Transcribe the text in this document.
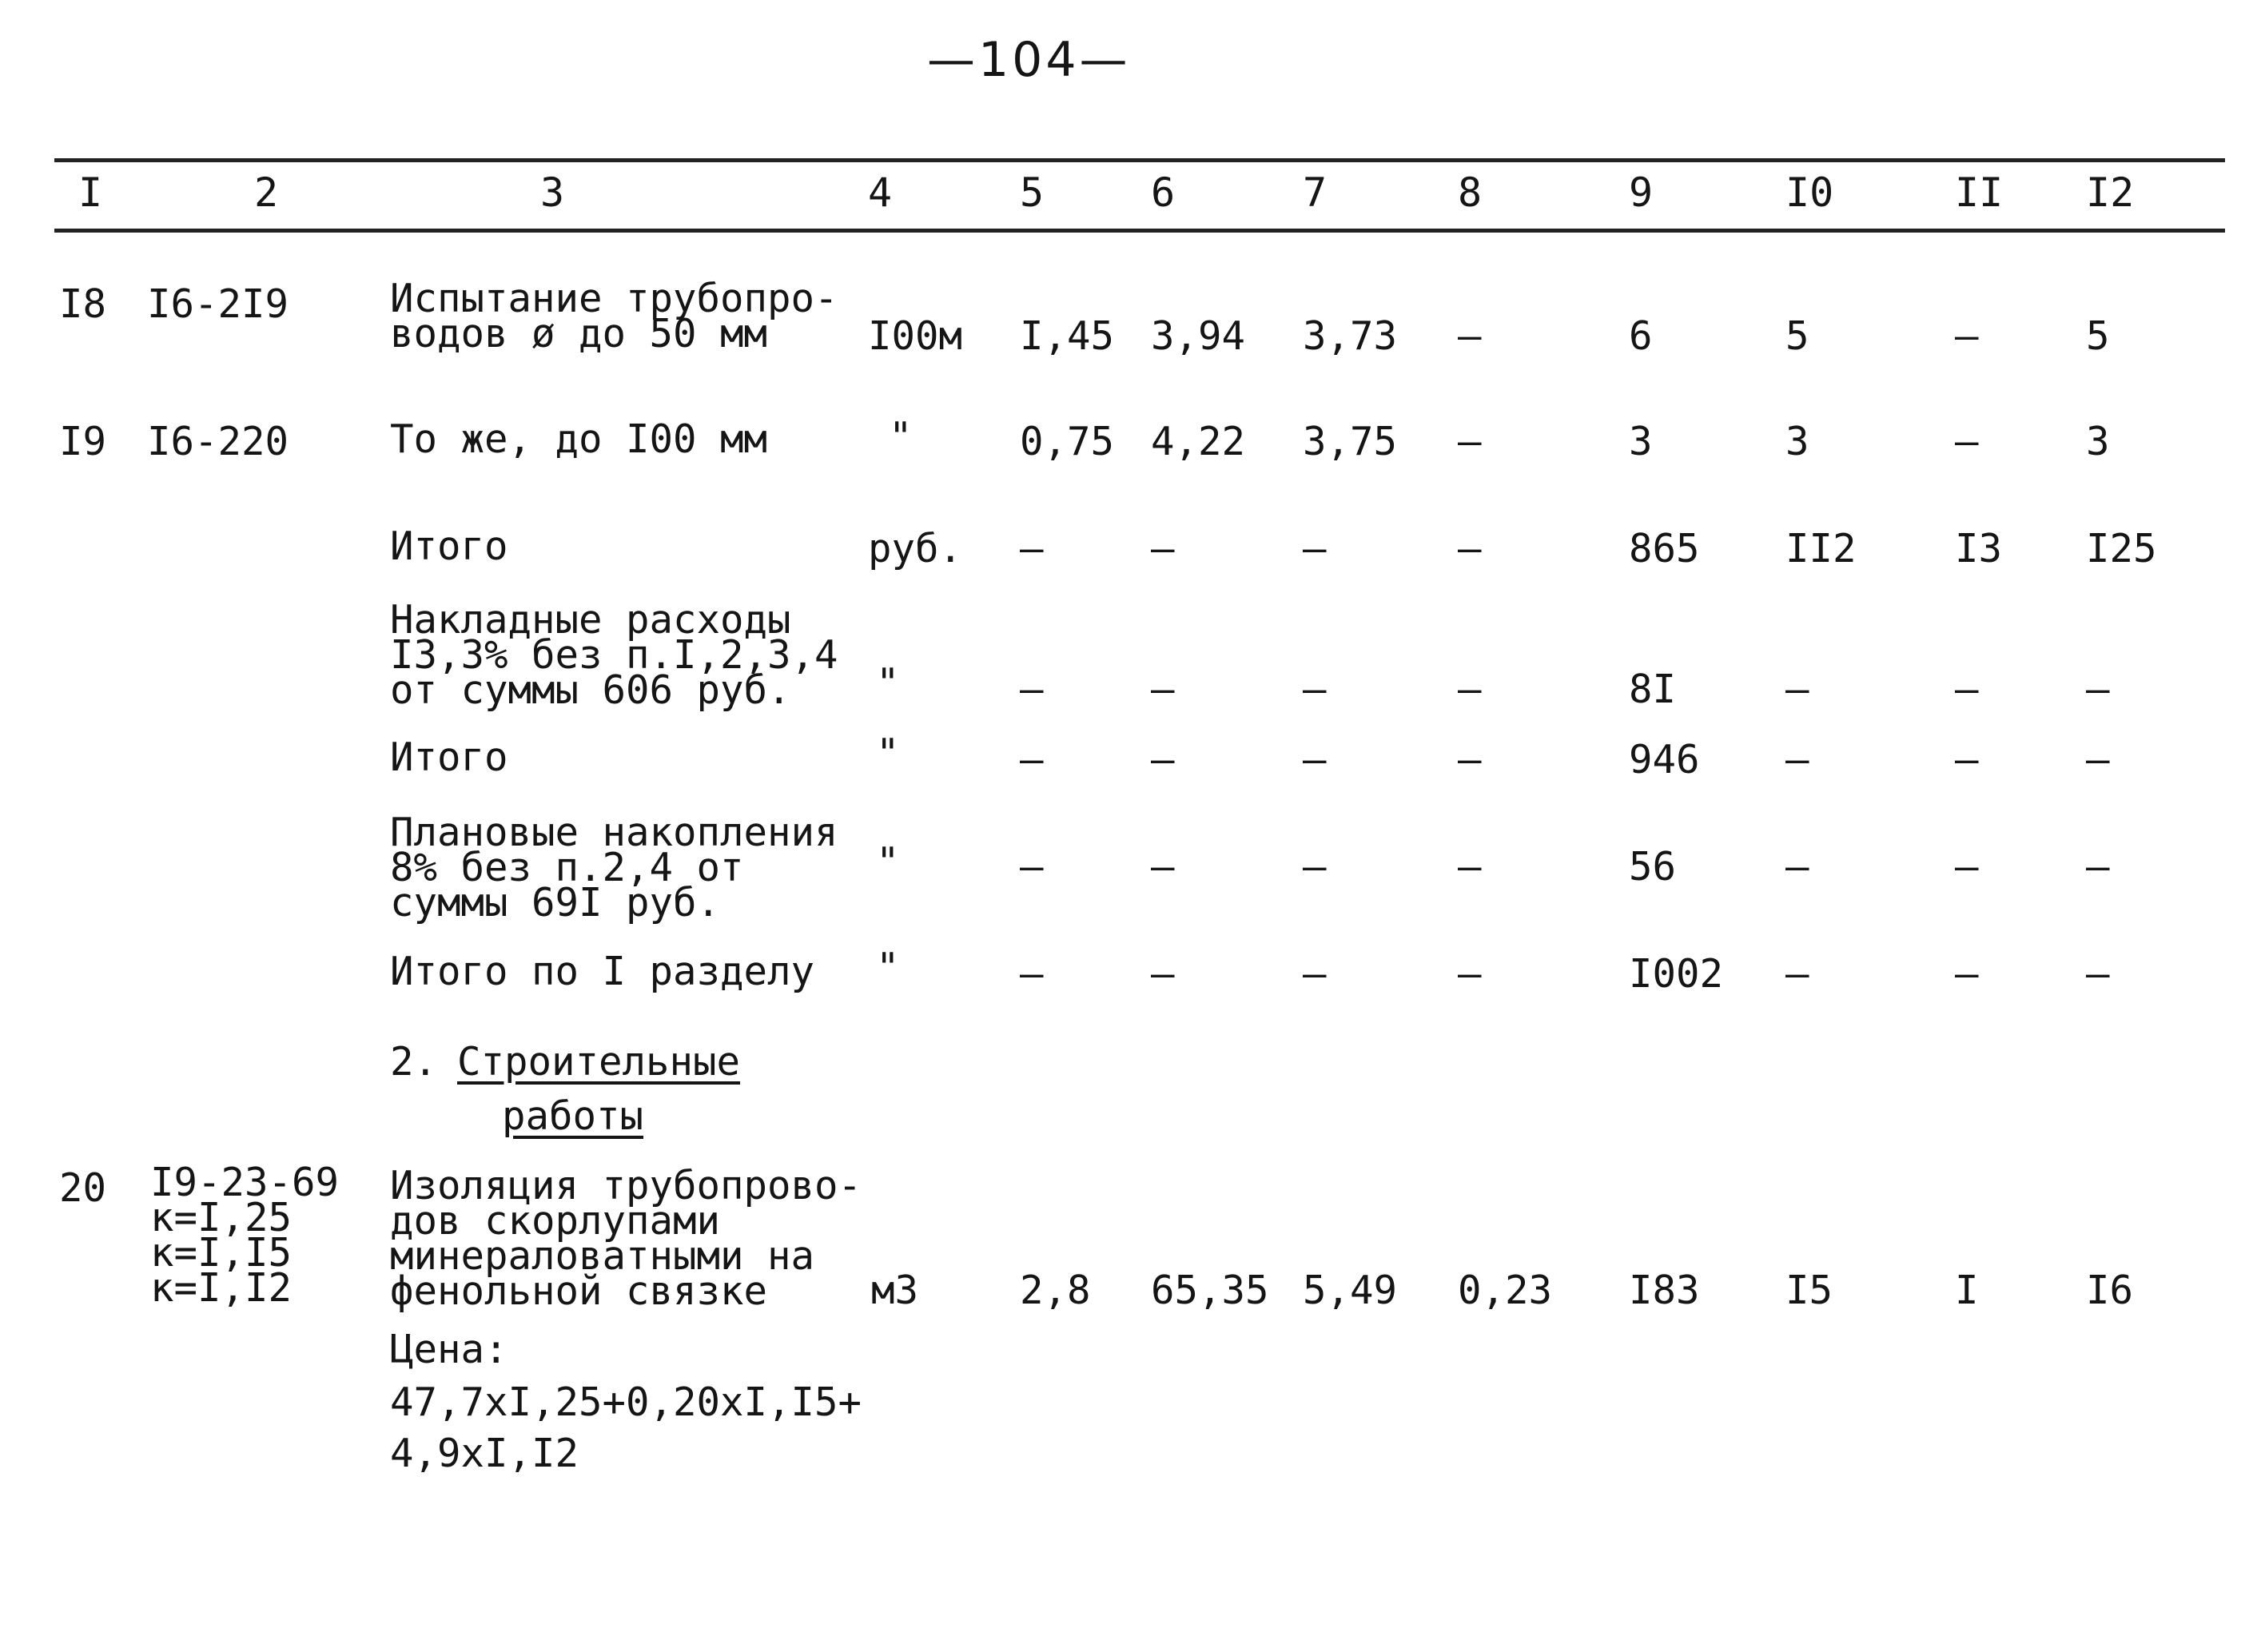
—104—
I	2	3	4	5	6	7	8	9	I0	II I2
I8 I6-2I9	Испытание трубопро-
водов ø до 50 мм	I00м I,45 3,94 3,73 –	6	5	–	5
I9 I6-220	То же, до I00 мм	"	0,75 4,22 3,75 –	3	3	–	3
Итого	руб. –	–	–	–	865 II2	I3 I25
Накладные расходы
I3,3% без п.I,2,3,4
от суммы 606 руб.	"	–	–	–	–	8I	–	–	–
Итого	"	–	–	–	–	946 –	–	–
Плановые накопления
8% без п.2,4 от
суммы 69I руб.
"	–	–	–	–	56	–	–	–
Итого по I разделу "	–	–	–	–	I002 –	–	–
2. Строительные
работы
20 I9-23-69
к=I,25
к=I,I5
к=I,I2
Изоляция трубопрово-
дов скорлупами
минераловатными на
фенольной связке	м3	2,8 65,35 5,49 0,23 I83 I5	I	I6
Цена:
47,7xI,25+0,20xI,I5+
4,9xI,I2
